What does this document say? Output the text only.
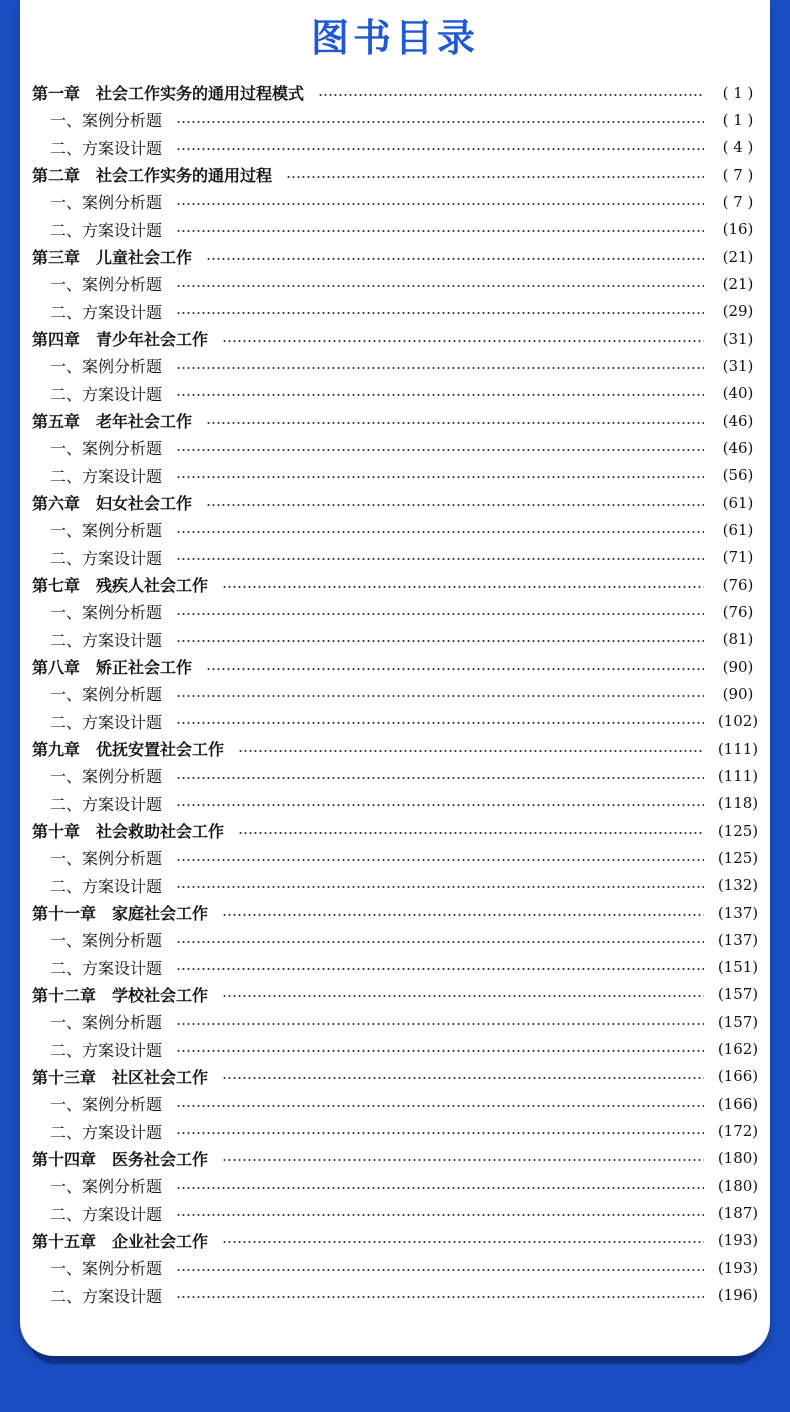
图书目录
第一章　社会工作实务的通用过程模式	( 1 )
一、案例分析题	( 1 )
二、方案设计题	( 4 )
第二章　社会工作实务的通用过程	( 7 )
一、案例分析题	( 7 )
二、方案设计题	(16)
第三章　儿童社会工作	(21)
一、案例分析题	(21)
二、方案设计题	(29)
第四章　青少年社会工作	(31)
一、案例分析题	(31)
二、方案设计题	(40)
第五章　老年社会工作	(46)
一、案例分析题	(46)
二、方案设计题	(56)
第六章　妇女社会工作	(61)
一、案例分析题	(61)
二、方案设计题	(71)
第七章　残疾人社会工作	(76)
一、案例分析题	(76)
二、方案设计题	(81)
第八章　矫正社会工作	(90)
一、案例分析题	(90)
二、方案设计题	(102)
第九章　优抚安置社会工作	(111)
一、案例分析题	(111)
二、方案设计题	(118)
第十章　社会救助社会工作	(125)
一、案例分析题	(125)
二、方案设计题	(132)
第十一章　家庭社会工作	(137)
一、案例分析题	(137)
二、方案设计题	(151)
第十二章　学校社会工作	(157)
一、案例分析题	(157)
二、方案设计题	(162)
第十三章　社区社会工作	(166)
一、案例分析题	(166)
二、方案设计题	(172)
第十四章　医务社会工作	(180)
一、案例分析题	(180)
二、方案设计题	(187)
第十五章　企业社会工作	(193)
一、案例分析题	(193)
二、方案设计题	(196)
